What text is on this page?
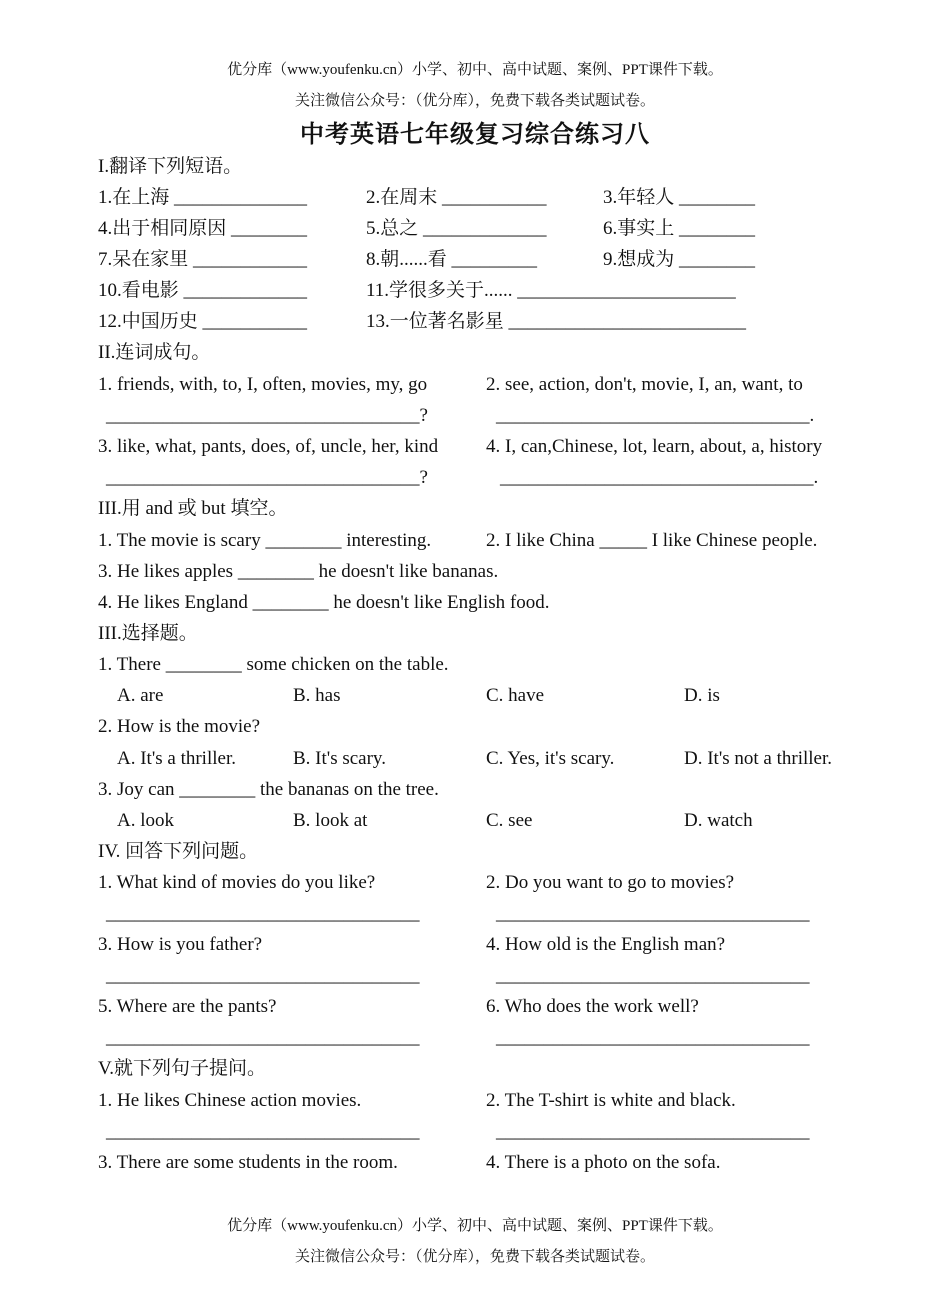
优分库（www.youfenku.cn）小学、初中、高中试题、案例、PPT课件下载。
关注微信公众号：（优分库），免费下载各类试题试卷。
中考英语七年级复习综合练习八
I.翻译下列短语。
1.在上海 ______________	2.在周末 ___________	3.年轻人 ________
4.出于相同原因 ________	5.总之 _____________	6.事实上 ________
7.呆在家里 ____________	8.朝......看 _________	9.想成为 ________
10.看电影 _____________	11.学很多关于...... _______________________
12.中国历史 ___________	13.一位著名影星 _________________________
II.连词成句。
1. friends, with, to, I, often, movies, my, go	2. see, action, don't, movie, I, an, want, to
_________________________________?	_________________________________.
3. like, what, pants, does, of, uncle, her, kind	4. I, can,Chinese, lot, learn, about, a, history
_________________________________?	_________________________________.
III.用 and 或 but 填空。
1. The movie is scary ________ interesting.	2. I like China _____ I like Chinese people.
3. He likes apples ________ he doesn't like bananas.
4. He likes England ________ he doesn't like English food.
III.选择题。
1. There ________ some chicken on the table.
A. are	B. has	C. have	D. is
2. How is the movie?
A. It's a thriller.	B. It's scary.	C. Yes, it's scary.	D. It's not a thriller.
3. Joy can ________ the bananas on the tree.
A. look	B. look at	C. see	D. watch
IV. 回答下列问题。
1. What kind of movies do you like?	2. Do you want to go to movies?
_________________________________	_________________________________
3. How is you father?	4. How old is the English man?
_________________________________	_________________________________
5. Where are the pants?	6. Who does the work well?
_________________________________	_________________________________
V.就下列句子提问。
1. He likes Chinese action movies.	2. The T-shirt is white and black.
_________________________________	_________________________________
3. There are some students in the room.	4. There is a photo on the sofa.
优分库（www.youfenku.cn）小学、初中、高中试题、案例、PPT课件下载。
关注微信公众号：（优分库），免费下载各类试题试卷。
